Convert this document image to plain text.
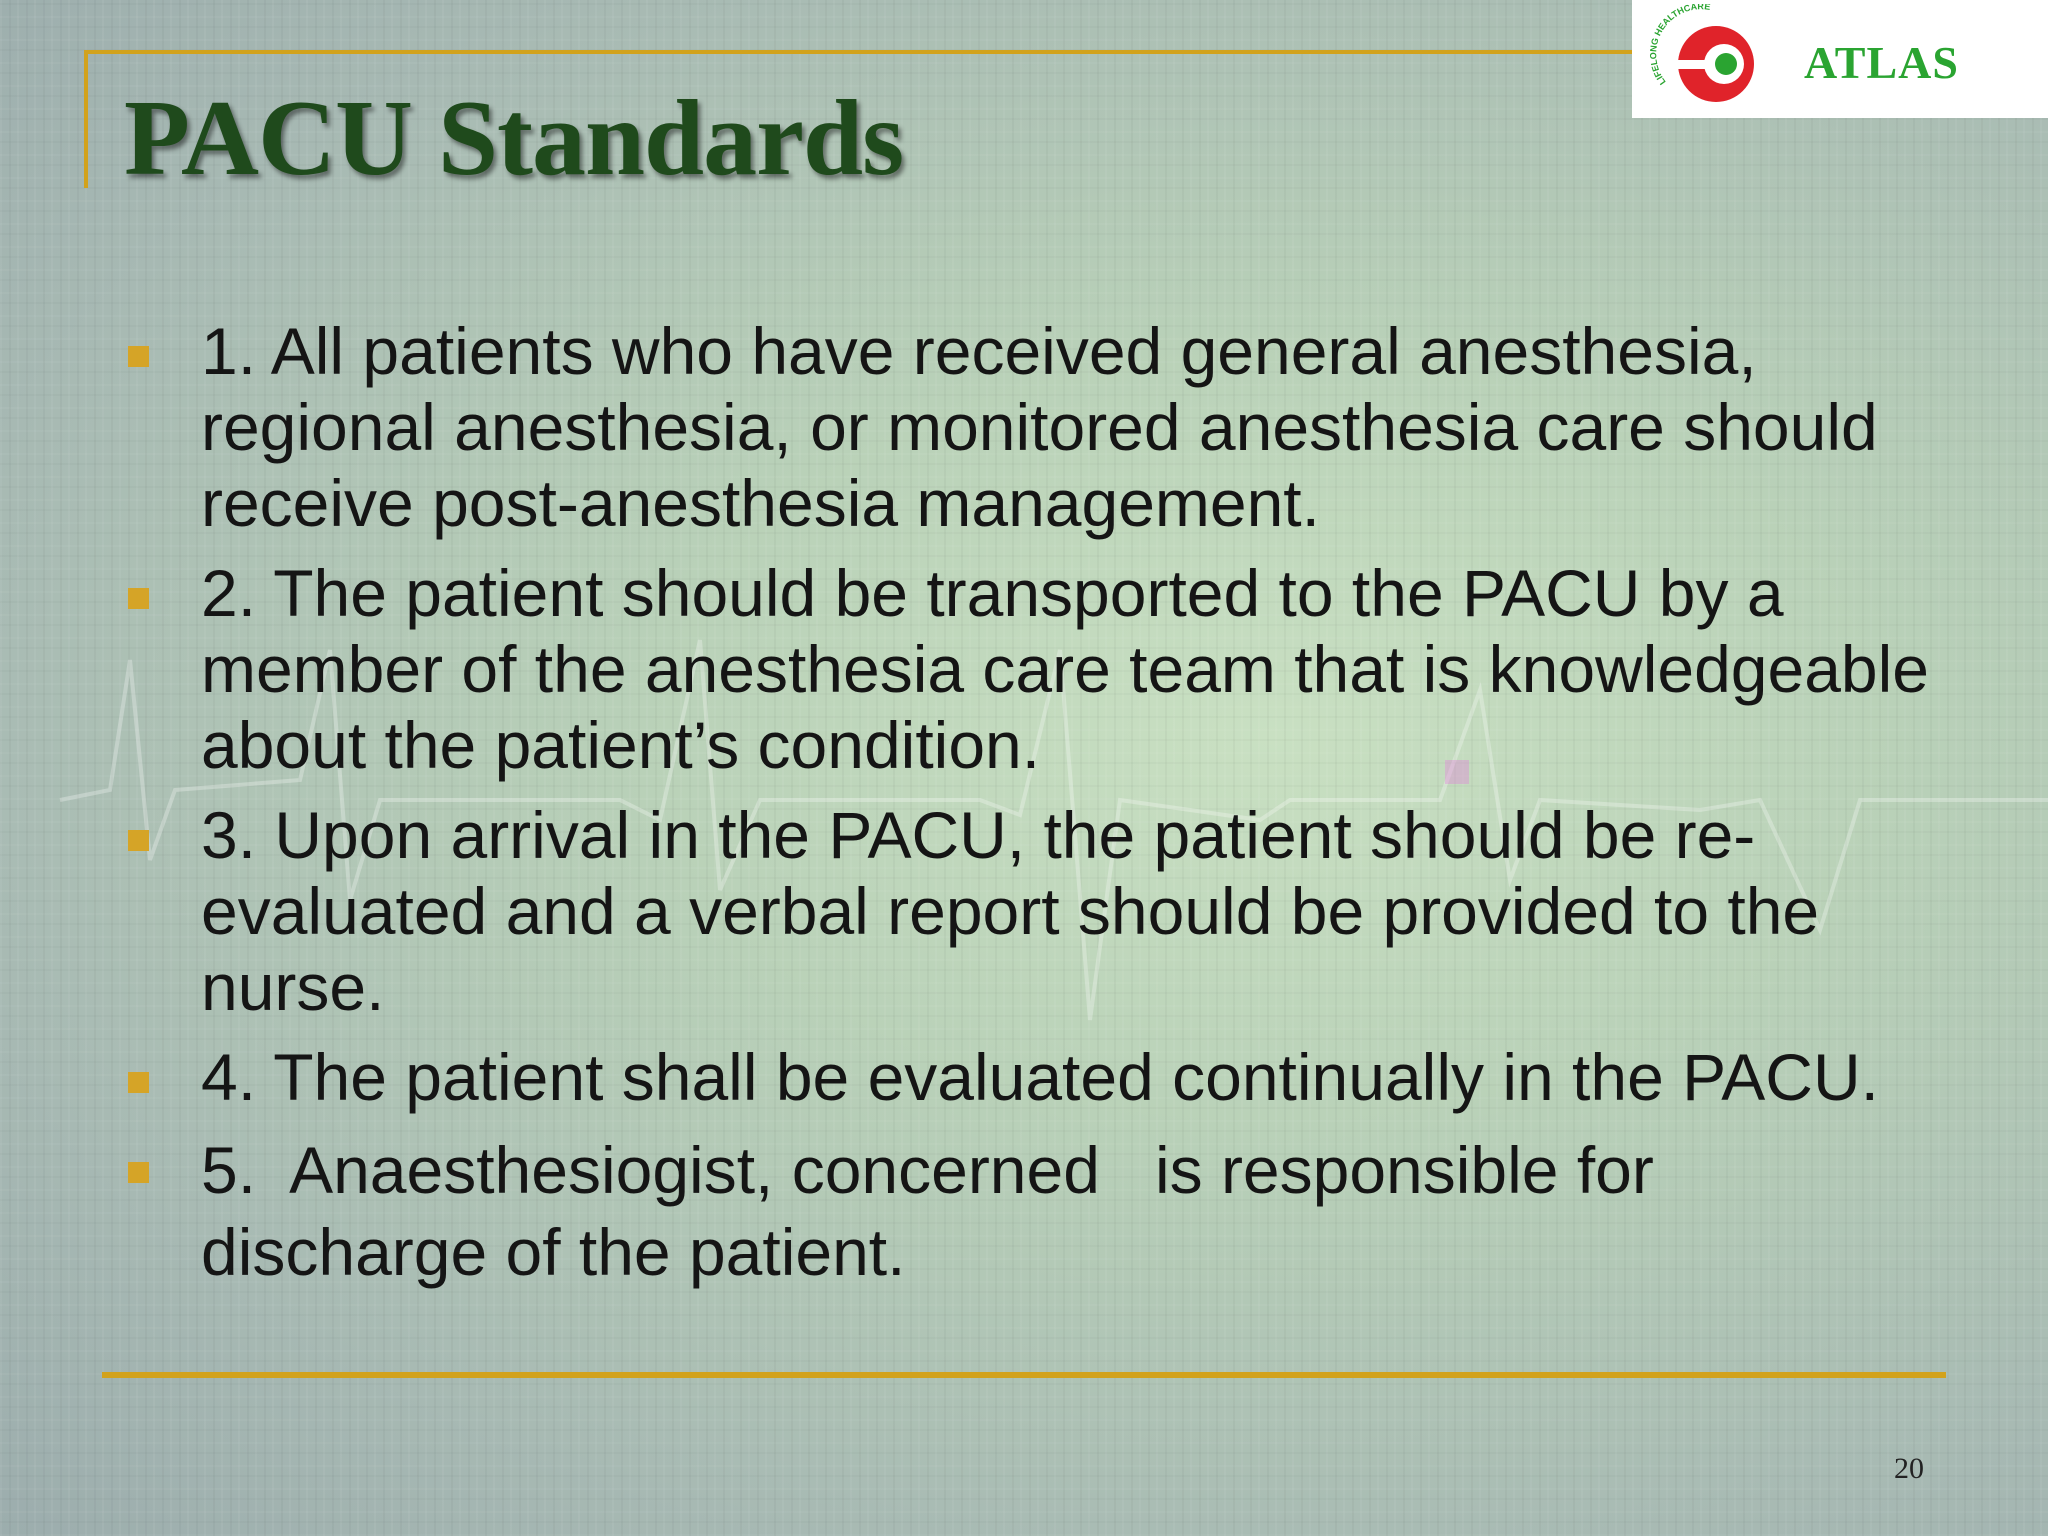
PACU Standards	LIFELONG HEALTHCARE
ATLAS
1. All patients who have received general anesthesia, regional anesthesia, or monitored anesthesia care should receive post-anesthesia management.
2. The patient should be transported to the PACU by a member of the anesthesia care team that is knowledgeable about the patient’s condition.
3. Upon arrival in the PACU, the patient should be re-evaluated and a verbal report should be provided to the nurse.
4. The patient shall be evaluated continually in the PACU.
5.  Anaesthesiogist, concerned   is responsible for discharge of the patient.
20
